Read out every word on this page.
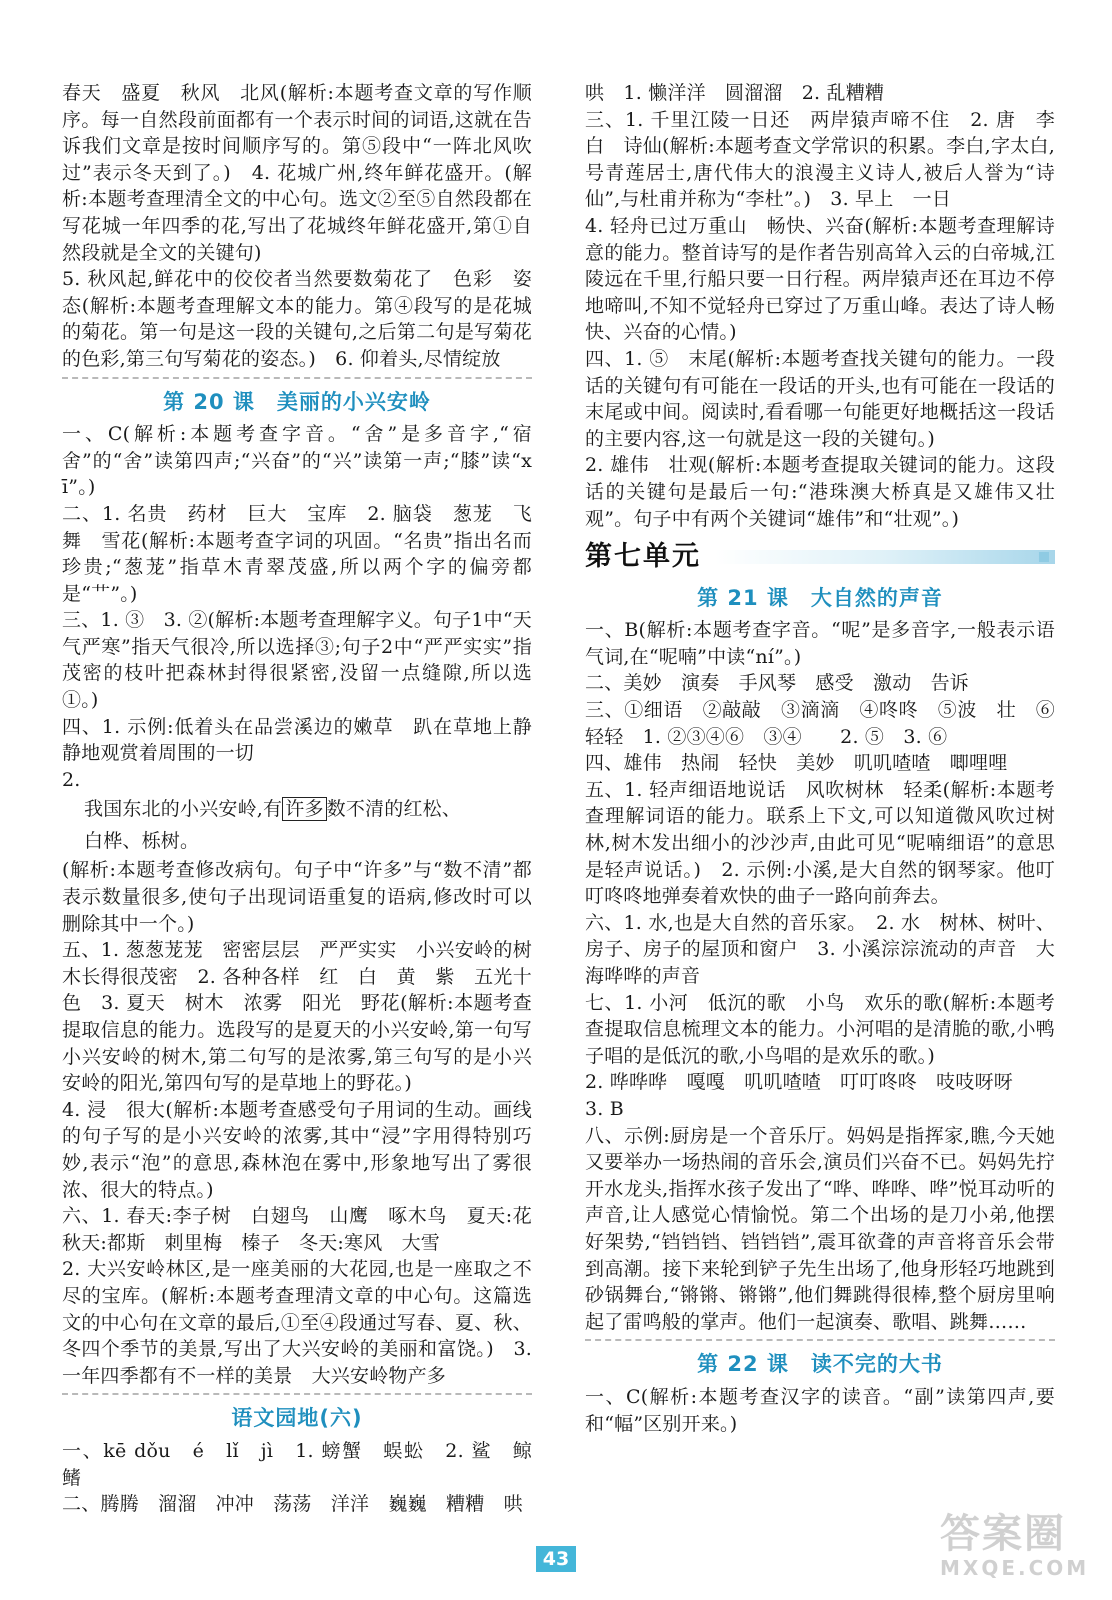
春天　盛夏　秋风　北风(解析:本题考查文章的写作顺序。每一自然段前面都有一个表示时间的词语,这就在告诉我们文章是按时间顺序写的。第⑤段中“一阵北风吹过”表示冬天到了。)　4. 花城广州,终年鲜花盛开。(解析:本题考查理清全文的中心句。选文②至⑤自然段都在写花城一年四季的花,写出了花城终年鲜花盛开,第①自然段就是全文的关键句)

5. 秋风起,鲜花中的佼佼者当然要数菊花了　色彩　姿态(解析:本题考查理解文本的能力。第④段写的是花城的菊花。第一句是这一段的关键句,之后第二句是写菊花的色彩,第三句写菊花的姿态。)　6. 仰着头,尽情绽放

第 20 课　美丽的小兴安岭

一、C(解析:本题考查字音。“舍”是多音字,“宿舍”的“舍”读第四声;“兴奋”的“兴”读第一声;“膝”读“xī”。)

二、1. 名贵　药材　巨大　宝库　2. 脑袋　葱茏　飞舞　雪花(解析:本题考查字词的巩固。“名贵”指出名而珍贵;“葱茏”指草木青翠茂盛,所以两个字的偏旁都是“艹”。)

三、1. ③　3. ②(解析:本题考查理解字义。句子1中“天气严寒”指天气很冷,所以选择③;句子2中“严严实实”指茂密的枝叶把森林封得很紧密,没留一点缝隙,所以选①。)

四、1. 示例:低着头在品尝溪边的嫩草　趴在草地上静静地观赏着周围的一切

2.

我国东北的小兴安岭,有 许多 数不清的红松、
白桦、栎树。

(解析:本题考查修改病句。句子中“许多”与“数不清”都表示数量很多,使句子出现词语重复的语病,修改时可以删除其中一个。)

五、1. 葱葱茏茏　密密层层　严严实实　小兴安岭的树木长得很茂密　2. 各种各样　红　白　黄　紫　五光十色　3. 夏天　树木　浓雾　阳光　野花(解析:本题考查提取信息的能力。选段写的是夏天的小兴安岭,第一句写小兴安岭的树木,第二句写的是浓雾,第三句写的是小兴安岭的阳光,第四句写的是草地上的野花。)

4. 浸　很大(解析:本题考查感受句子用词的生动。画线的句子写的是小兴安岭的浓雾,其中“浸”字用得特别巧妙,表示“泡”的意思,森林泡在雾中,形象地写出了雾很浓、很大的特点。)

六、1. 春天:李子树　白翅鸟　山鹰　啄木鸟　夏天:花　秋天:都斯　刺里梅　榛子　冬天:寒风　大雪

2. 大兴安岭林区,是一座美丽的大花园,也是一座取之不尽的宝库。(解析:本题考查理清文章的中心句。这篇选文的中心句在文章的最后,①至④段通过写春、夏、秋、冬四个季节的美景,写出了大兴安岭的美丽和富饶。)　3. 一年四季都有不一样的美景　大兴安岭物产多

语文园地(六)

一、kē dǒu　é　lǐ　jì　1. 螃蟹　蜈蚣　2. 鲨　鲸　鳍

二、腾腾　溜溜　冲冲　荡荡　洋洋　巍巍　糟糟　哄

哄　1. 懒洋洋　圆溜溜　2. 乱糟糟

三、1. 千里江陵一日还　两岸猿声啼不住　2. 唐　李白　诗仙(解析:本题考查文学常识的积累。李白,字太白,号青莲居士,唐代伟大的浪漫主义诗人,被后人誉为“诗仙”,与杜甫并称为“李杜”。)　3. 早上　一日

4. 轻舟已过万重山　畅快、兴奋(解析:本题考查理解诗意的能力。整首诗写的是作者告别高耸入云的白帝城,江陵远在千里,行船只要一日行程。两岸猿声还在耳边不停地啼叫,不知不觉轻舟已穿过了万重山峰。表达了诗人畅快、兴奋的心情。)

四、1. ⑤　末尾(解析:本题考查找关键句的能力。一段话的关键句有可能在一段话的开头,也有可能在一段话的末尾或中间。阅读时,看看哪一句能更好地概括这一段话的主要内容,这一句就是这一段的关键句。)

2. 雄伟　壮观(解析:本题考查提取关键词的能力。这段话的关键句是最后一句:“港珠澳大桥真是又雄伟又壮观”。句子中有两个关键词“雄伟”和“壮观”。)

第七单元
第 21 课　大自然的声音

一、B(解析:本题考查字音。“呢”是多音字,一般表示语气词,在“呢喃”中读“ní”。)

二、美妙　演奏　手风琴　感受　激动　告诉

三、①细语　②敲敲　③滴滴　④咚咚　⑤波　壮　⑥轻轻　1. ②③④⑥　③④　　2. ⑤　3. ⑥

四、雄伟　热闹　轻快　美妙　叽叽喳喳　唧哩哩

五、1. 轻声细语地说话　风吹树林　轻柔(解析:本题考查理解词语的能力。联系上下文,可以知道微风吹过树林,树木发出细小的沙沙声,由此可见“呢喃细语”的意思是轻声说话。)　2. 示例:小溪,是大自然的钢琴家。他叮叮咚咚地弹奏着欢快的曲子一路向前奔去。

六、1. 水,也是大自然的音乐家。　2. 水　树林、树叶、房子、房子的屋顶和窗户　3. 小溪淙淙流动的声音　大海哗哗的声音

七、1. 小河　低沉的歌　小鸟　欢乐的歌(解析:本题考查提取信息梳理文本的能力。小河唱的是清脆的歌,小鸭子唱的是低沉的歌,小鸟唱的是欢乐的歌。)

2. 哗哗哗　嘎嘎　叽叽喳喳　叮叮咚咚　吱吱呀呀

3. B

八、示例:厨房是一个音乐厅。妈妈是指挥家,瞧,今天她又要举办一场热闹的音乐会,演员们兴奋不已。妈妈先拧开水龙头,指挥水孩子发出了“哗、哗哗、哗”悦耳动听的声音,让人感觉心情愉悦。第二个出场的是刀小弟,他摆好架势,“铛铛铛、铛铛铛”,震耳欲聋的声音将音乐会带到高潮。接下来轮到铲子先生出场了,他身形轻巧地跳到砂锅舞台,“锵锵、锵锵”,他们舞跳得很棒,整个厨房里响起了雷鸣般的掌声。他们一起演奏、歌唱、跳舞……

第 22 课　读不完的大书

一、C(解析:本题考查汉字的读音。“副”读第四声,要和“幅”区别开来。)

43
答案圈
MXQE.COM
